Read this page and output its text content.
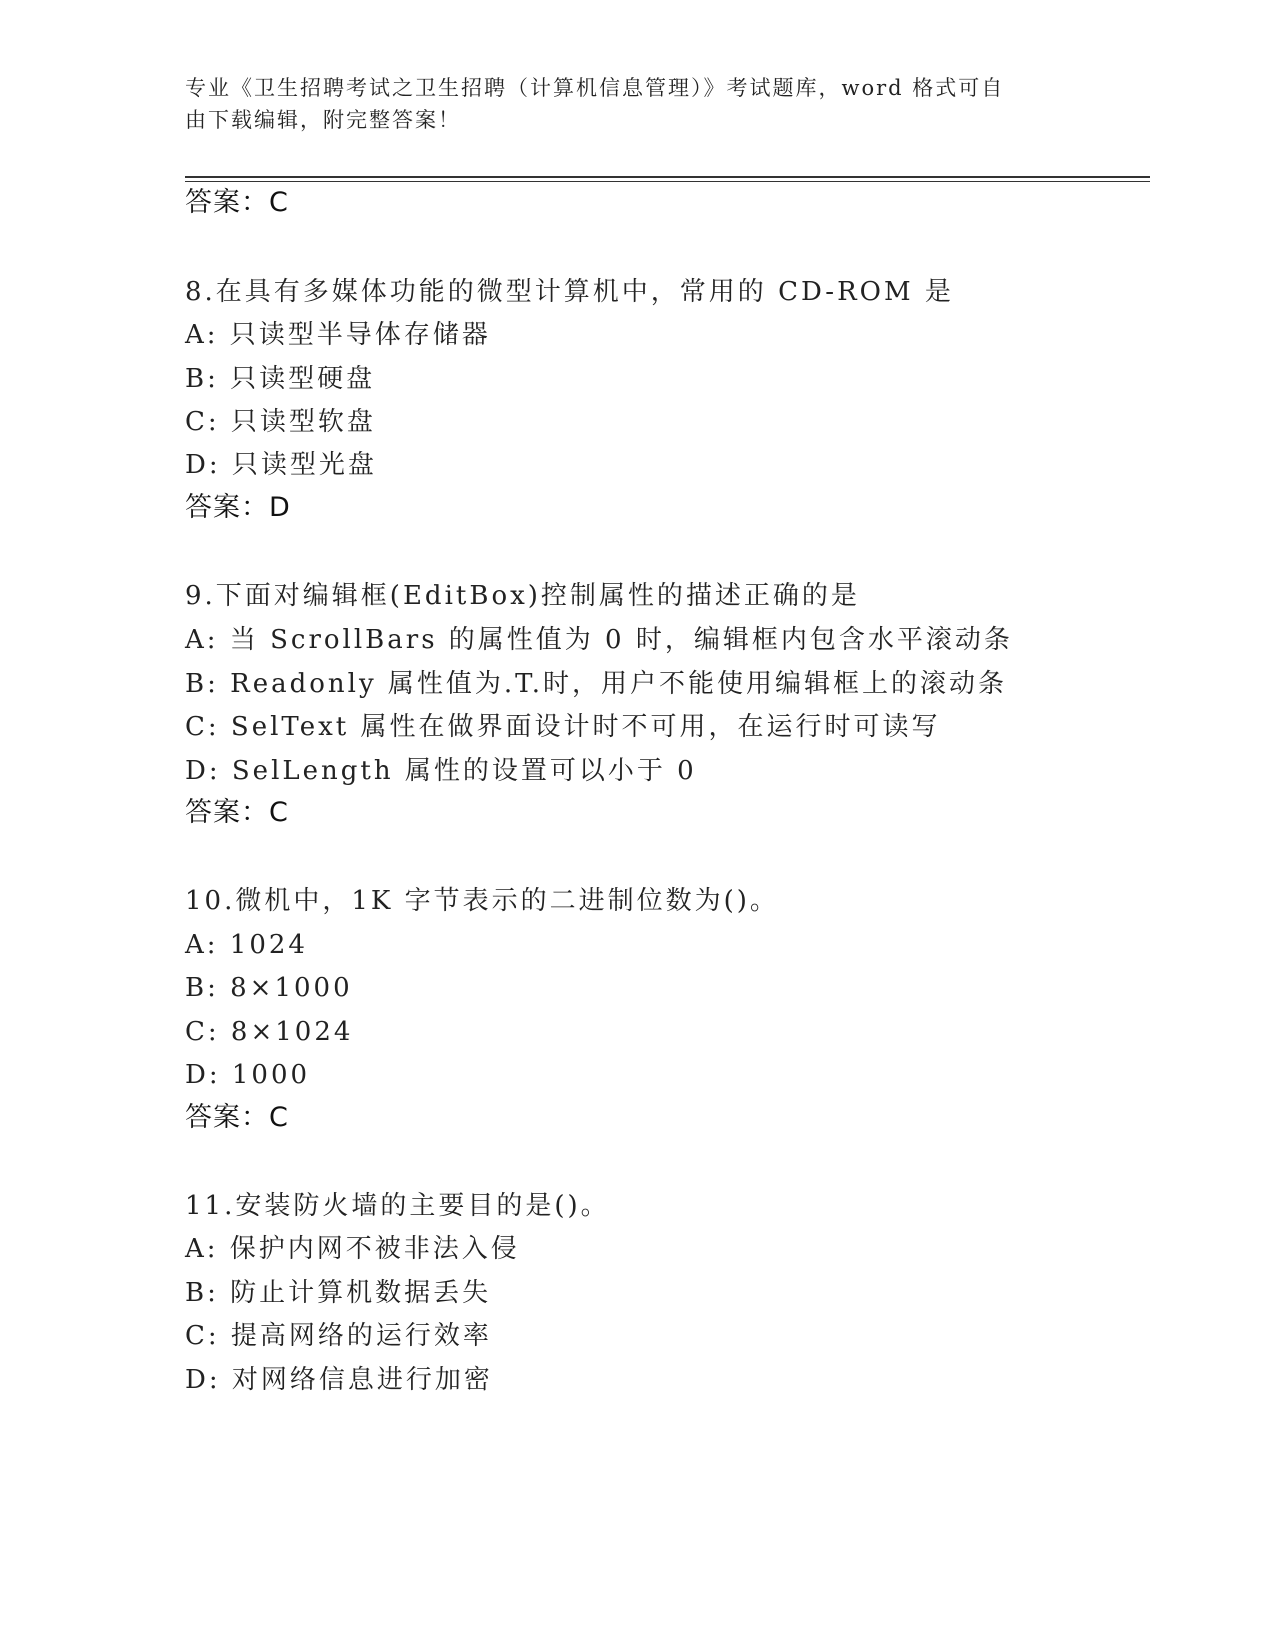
专业《卫生招聘考试之卫生招聘（计算机信息管理）》考试题库，word 格式可自
由下载编辑，附完整答案！
答案：C
8.在具有多媒体功能的微型计算机中，常用的 CD-ROM 是
A: 只读型半导体存储器
B: 只读型硬盘
C: 只读型软盘
D: 只读型光盘
答案：D
9.下面对编辑框(EditBox)控制属性的描述正确的是
A: 当 ScrollBars 的属性值为 0 时，编辑框内包含水平滚动条
B: Readonly 属性值为.T.时，用户不能使用编辑框上的滚动条
C: SelText 属性在做界面设计时不可用，在运行时可读写
D: SelLength 属性的设置可以小于 0
答案：C
10.微机中，1K 字节表示的二进制位数为()。
A: 1024
B: 8×1000
C: 8×1024
D: 1000
答案：C
11.安装防火墙的主要目的是()。
A: 保护内网不被非法入侵
B: 防止计算机数据丢失
C: 提高网络的运行效率
D: 对网络信息进行加密
